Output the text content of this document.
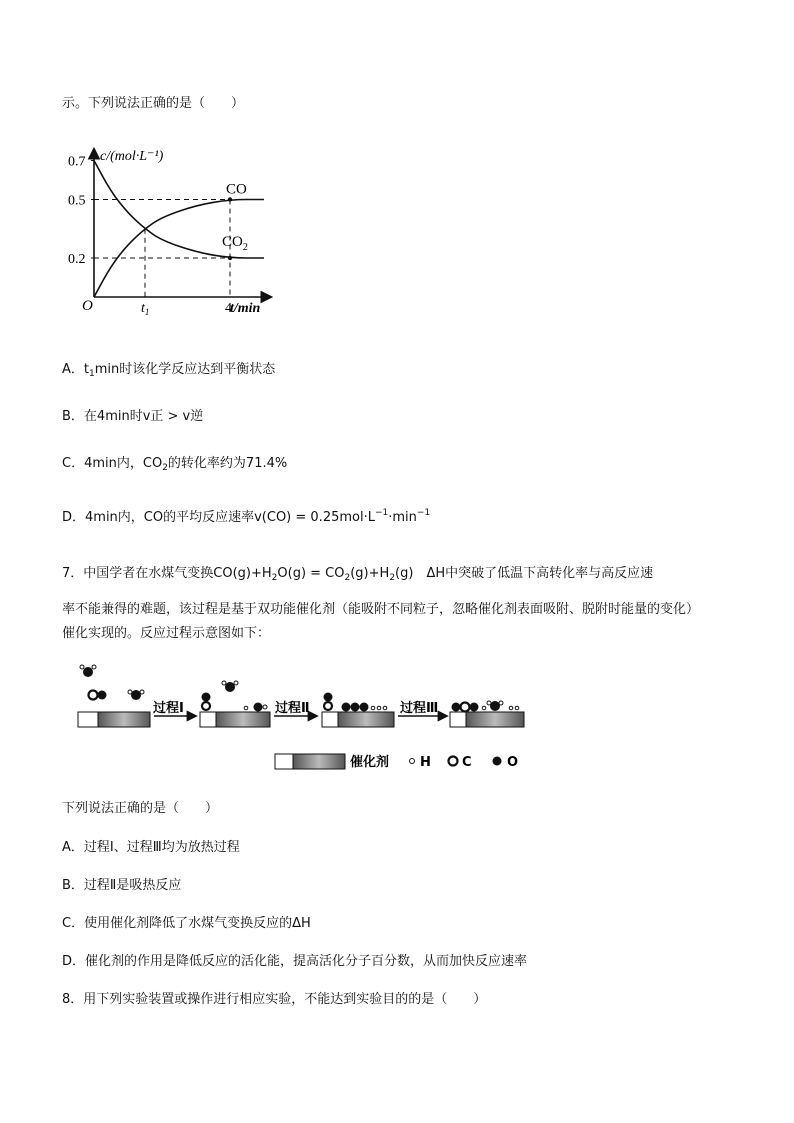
示。下列说法正确的是（　　）
c/(mol·L⁻¹)
t/min
O
0.2
0.5
0.7
$t_1$	4
CO
$CO_2$
A．$t_1\min$时该化学反应达到平衡状态
B．在4min时v正 > v逆
C．4min内，$CO_2$的转化率约为71.4%
D．4min内，CO的平均反应速率$v(CO) = 0.25mol\cdot L^{-1}\cdot\min^{-1}$
7．中国学者在水煤气变换$CO(g)+H_2O(g) = CO_2(g)+H_2(g)$　ΔH中突破了低温下高转化率与高反应速
率不能兼得的难题，该过程是基于双功能催化剂（能吸附不同粒子，忽略催化剂表面吸附、脱附时能量的变化）
催化实现的。反应过程示意图如下：
过程Ⅰ	过程Ⅱ	过程Ⅲ
催化剂 H C	O
下列说法正确的是（　　）
A．过程Ⅰ、过程Ⅲ均为放热过程
B．过程Ⅱ是吸热反应
C．使用催化剂降低了水煤气变换反应的ΔH
D．催化剂的作用是降低反应的活化能，提高活化分子百分数，从而加快反应速率
8．用下列实验装置或操作进行相应实验，不能达到实验目的的是（　　）
